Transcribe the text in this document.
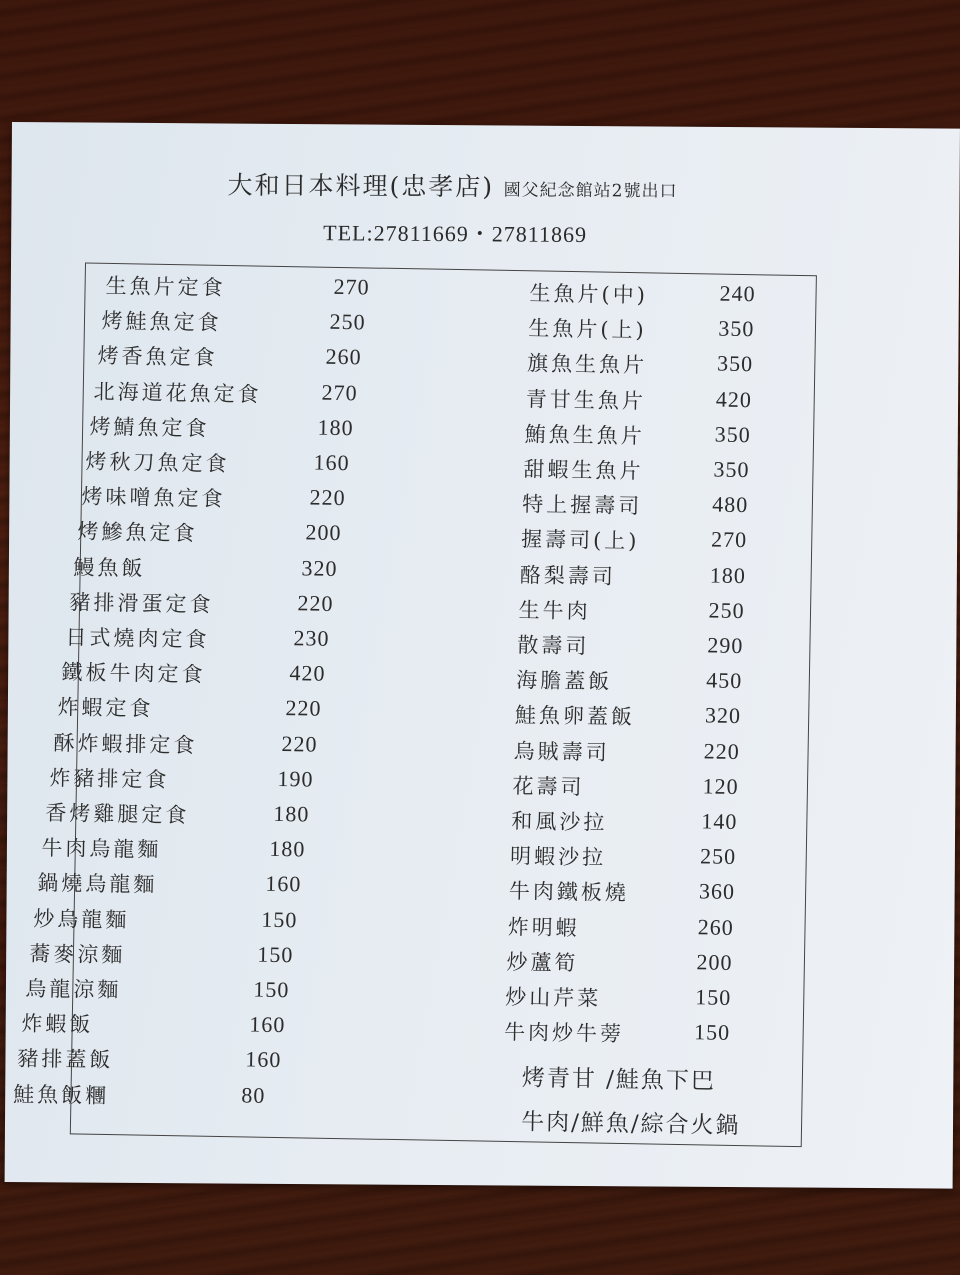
大和日本料理(忠孝店) 國父紀念館站2號出口
TEL:27811669・27811869
生魚片定食	270
烤鮭魚定食	250
烤香魚定食	260
北海道花魚定食	270
烤鯖魚定食	180
烤秋刀魚定食	160
烤味噌魚定食	220
烤鰺魚定食	200
鰻魚飯	320
豬排滑蛋定食	220
日式燒肉定食	230
鐵板牛肉定食	420
炸蝦定食	220
酥炸蝦排定食	220
炸豬排定食	190
香烤雞腿定食	180
牛肉烏龍麵	180
鍋燒烏龍麵	160
炒烏龍麵	150
蕎麥涼麵	150
烏龍涼麵	150
炸蝦飯	160
豬排蓋飯	160
鮭魚飯糰	80
生魚片(中)	240
生魚片(上)	350
旗魚生魚片	350
青甘生魚片	420
鮪魚生魚片	350
甜蝦生魚片	350
特上握壽司	480
握壽司(上)	270
酪梨壽司	180
生牛肉	250
散壽司	290
海膽蓋飯	450
鮭魚卵蓋飯	320
烏賊壽司	220
花壽司	120
和風沙拉	140
明蝦沙拉	250
牛肉鐵板燒	360
炸明蝦	260
炒蘆筍	200
炒山芹菜	150
牛肉炒牛蒡	150
烤青甘 /鮭魚下巴
牛肉/鮮魚/綜合火鍋
